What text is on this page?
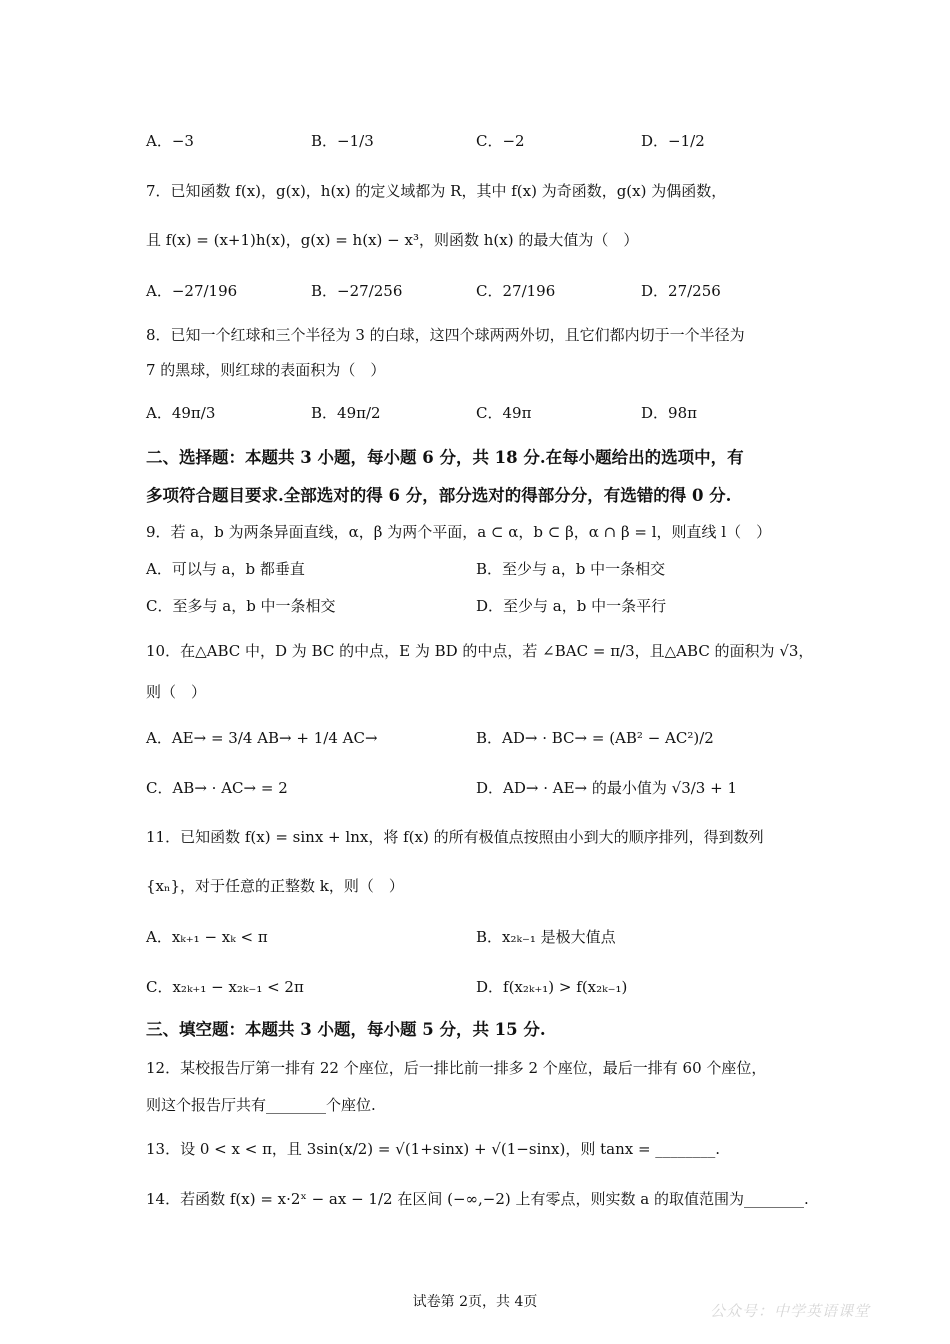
A．−3	B．−1/3	C．−2	D．−1/2
7．已知函数 f(x)，g(x)，h(x) 的定义域都为 R，其中 f(x) 为奇函数，g(x) 为偶函数，
且 f(x) = (x+1)h(x)，g(x) = h(x) − x³，则函数 h(x) 的最大值为（　）
A．−27/196	B．−27/256	C．27/196	D．27/256
8．已知一个红球和三个半径为 3 的白球，这四个球两两外切，且它们都内切于一个半径为
7 的黑球，则红球的表面积为（　）
A．49π/3	B．49π/2	C．49π	D．98π
二、选择题：本题共 3 小题，每小题 6 分，共 18 分.在每小题给出的选项中，有
多项符合题目要求.全部选对的得 6 分，部分选对的得部分分，有选错的得 0 分.
9．若 a，b 为两条异面直线，α，β 为两个平面，a ⊂ α，b ⊂ β，α ∩ β = l，则直线 l（　）
A．可以与 a，b 都垂直	B．至少与 a，b 中一条相交
C．至多与 a，b 中一条相交	D．至少与 a，b 中一条平行
10．在△ABC 中，D 为 BC 的中点，E 为 BD 的中点，若 ∠BAC = π/3，且△ABC 的面积为 √3，
则（　）
A．AE→ = 3/4 AB→ + 1/4 AC→	B．AD→ · BC→ = (AB² − AC²)/2
C．AB→ · AC→ = 2	D．AD→ · AE→ 的最小值为 √3/3 + 1
11．已知函数 f(x) = sinx + lnx，将 f(x) 的所有极值点按照由小到大的顺序排列，得到数列
{xₙ}，对于任意的正整数 k，则（　）
A．xₖ₊₁ − xₖ < π	B．x₂ₖ₋₁ 是极大值点
C．x₂ₖ₊₁ − x₂ₖ₋₁ < 2π	D．f(x₂ₖ₊₁) > f(x₂ₖ₋₁)
三、填空题：本题共 3 小题，每小题 5 分，共 15 分.
12．某校报告厅第一排有 22 个座位，后一排比前一排多 2 个座位，最后一排有 60 个座位，
则这个报告厅共有________个座位.
13．设 0 < x < π，且 3sin(x/2) = √(1+sinx) + √(1−sinx)，则 tanx = ________.
14．若函数 f(x) = x·2ˣ − ax − 1/2 在区间 (−∞,−2) 上有零点，则实数 a 的取值范围为________.
试卷第 2页，共 4页	公众号：中学英语课堂
